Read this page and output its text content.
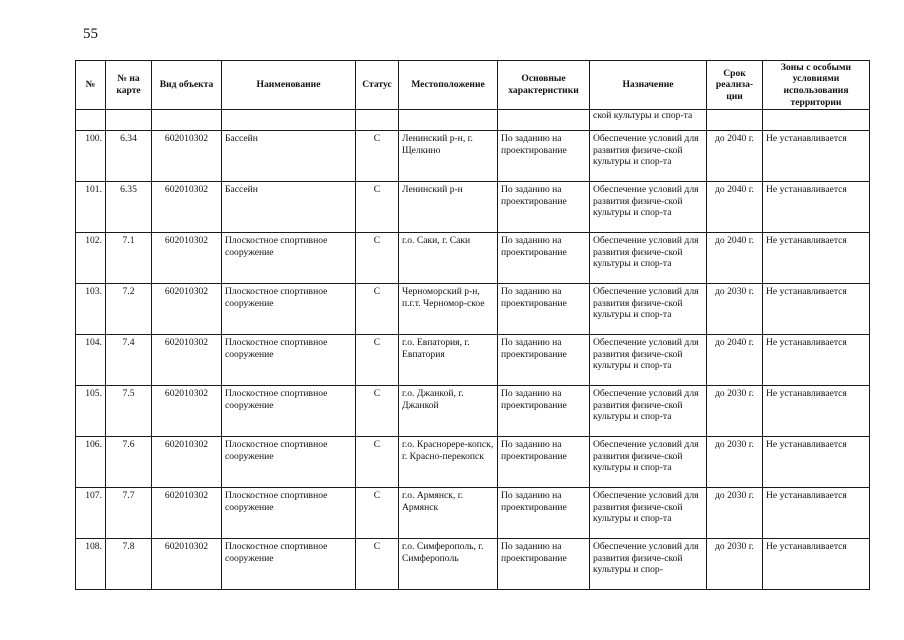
55
№	№ на карте	Вид объекта	Наименование	Статус	Местоположение	Основные характеристики	Назначение	Срок реализа-ции	Зоны с особыми условиями использования территории
							ской культуры и спор-та		
100.	6.34	602010302	Бассейн	С	Ленинский р-н, г. Щелкино	По заданию на проектирование	Обеспечение условий для развития физиче-ской культуры и спор-та	до 2040 г.	Не устанавливается
101.	6.35	602010302	Бассейн	С	Ленинский р-н	По заданию на проектирование	Обеспечение условий для развития физиче-ской культуры и спор-та	до 2040 г.	Не устанавливается
102.	7.1	602010302	Плоскостное спортивное сооружение	С	г.о. Саки, г. Саки	По заданию на проектирование	Обеспечение условий для развития физиче-ской культуры и спор-та	до 2040 г.	Не устанавливается
103.	7.2	602010302	Плоскостное спортивное сооружение	С	Черноморский р-н, п.г.т. Черномор-ское	По заданию на проектирование	Обеспечение условий для развития физиче-ской культуры и спор-та	до 2030 г.	Не устанавливается
104.	7.4	602010302	Плоскостное спортивное сооружение	С	г.о. Евпатория, г. Евпатория	По заданию на проектирование	Обеспечение условий для развития физиче-ской культуры и спор-та	до 2040 г.	Не устанавливается
105.	7.5	602010302	Плоскостное спортивное сооружение	С	г.о. Джанкой, г. Джанкой	По заданию на проектирование	Обеспечение условий для развития физиче-ской культуры и спор-та	до 2030 г.	Не устанавливается
106.	7.6	602010302	Плоскостное спортивное сооружение	С	г.о. Красноpере-копск, г. Красно-перекопск	По заданию на проектирование	Обеспечение условий для развития физиче-ской культуры и спор-та	до 2030 г.	Не устанавливается
107.	7.7	602010302	Плоскостное спортивное сооружение	С	г.о. Армянск, г. Армянск	По заданию на проектирование	Обеспечение условий для развития физиче-ской культуры и спор-та	до 2030 г.	Не устанавливается
108.	7.8	602010302	Плоскостное спортивное сооружение	С	г.о. Симферополь, г. Симферополь	По заданию на проектирование	Обеспечение условий для развития физиче-ской культуры и спор-	до 2030 г.	Не устанавливается
